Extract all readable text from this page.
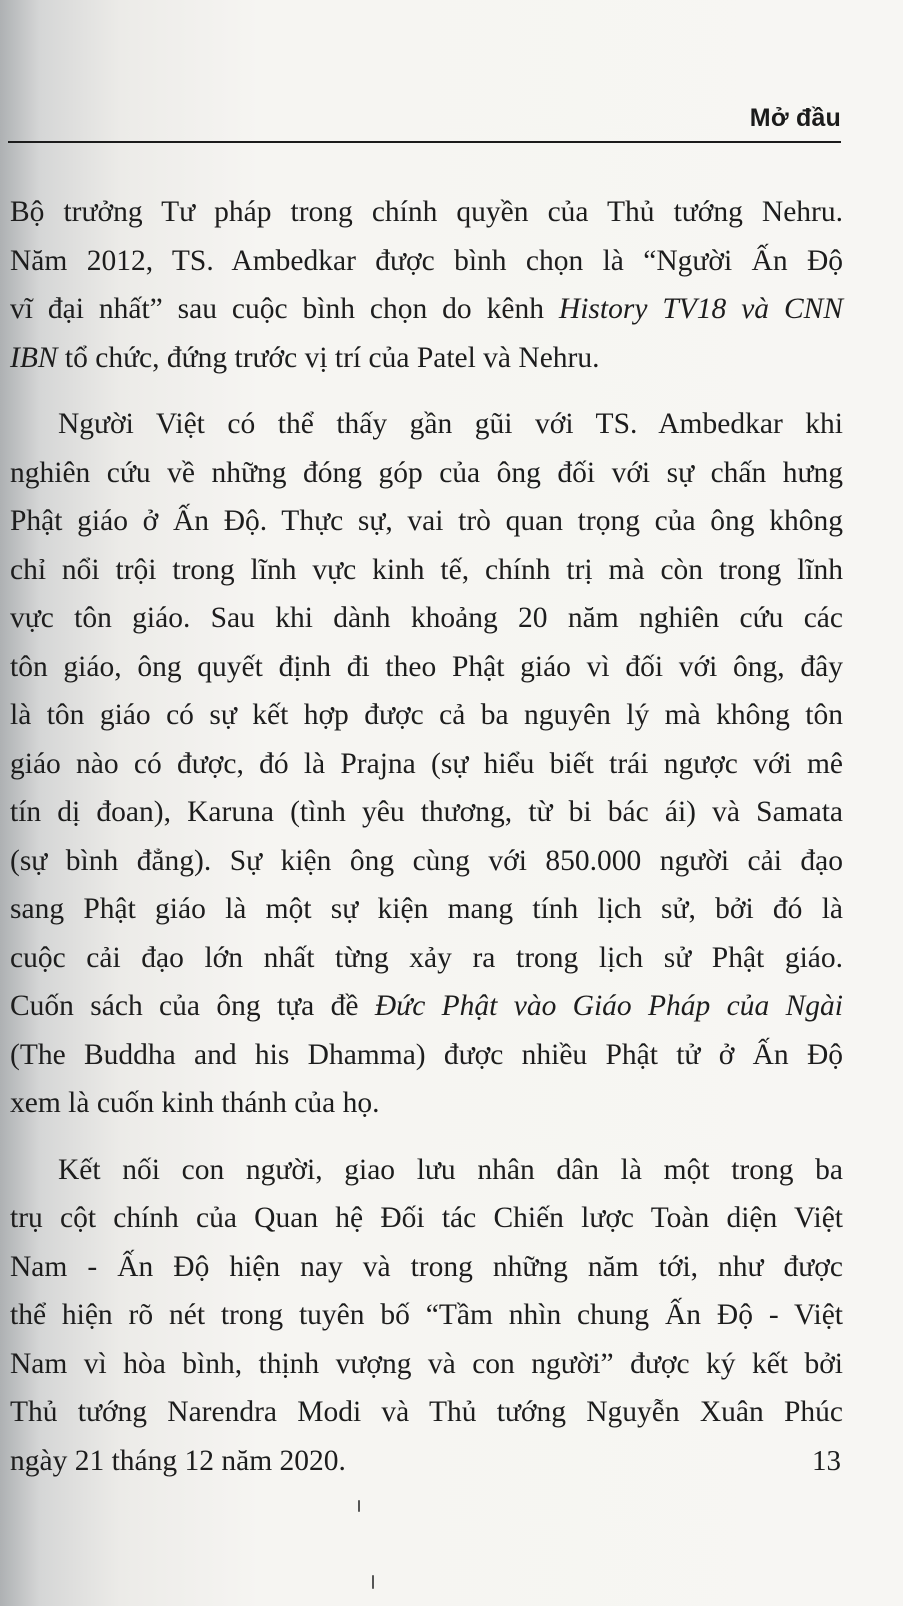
Mở đầu
Bộ trưởng Tư pháp trong chính quyền của Thủ tướng Nehru.
Năm 2012, TS. Ambedkar được bình chọn là “Người Ấn Độ
vĩ đại nhất” sau cuộc bình chọn do kênh History TV18 và CNN
IBN tổ chức, đứng trước vị trí của Patel và Nehru.
Người Việt có thể thấy gần gũi với TS. Ambedkar khi
nghiên cứu về những đóng góp của ông đối với sự chấn hưng
Phật giáo ở Ấn Độ. Thực sự, vai trò quan trọng của ông không
chỉ nổi trội trong lĩnh vực kinh tế, chính trị mà còn trong lĩnh
vực tôn giáo. Sau khi dành khoảng 20 năm nghiên cứu các
tôn giáo, ông quyết định đi theo Phật giáo vì đối với ông, đây
là tôn giáo có sự kết hợp được cả ba nguyên lý mà không tôn
giáo nào có được, đó là Prajna (sự hiểu biết trái ngược với mê
tín dị đoan), Karuna (tình yêu thương, từ bi bác ái) và Samata
(sự bình đẳng). Sự kiện ông cùng với 850.000 người cải đạo
sang Phật giáo là một sự kiện mang tính lịch sử, bởi đó là
cuộc cải đạo lớn nhất từng xảy ra trong lịch sử Phật giáo.
Cuốn sách của ông tựa đề Đức Phật vào Giáo Pháp của Ngài
(The Buddha and his Dhamma) được nhiều Phật tử ở Ấn Độ
xem là cuốn kinh thánh của họ.
Kết nối con người, giao lưu nhân dân là một trong ba
trụ cột chính của Quan hệ Đối tác Chiến lược Toàn diện Việt
Nam - Ấn Độ hiện nay và trong những năm tới, như được
thể hiện rõ nét trong tuyên bố “Tầm nhìn chung Ấn Độ - Việt
Nam vì hòa bình, thịnh vượng và con người” được ký kết bởi
Thủ tướng Narendra Modi và Thủ tướng Nguyễn Xuân Phúc
ngày 21 tháng 12 năm 2020.	13
